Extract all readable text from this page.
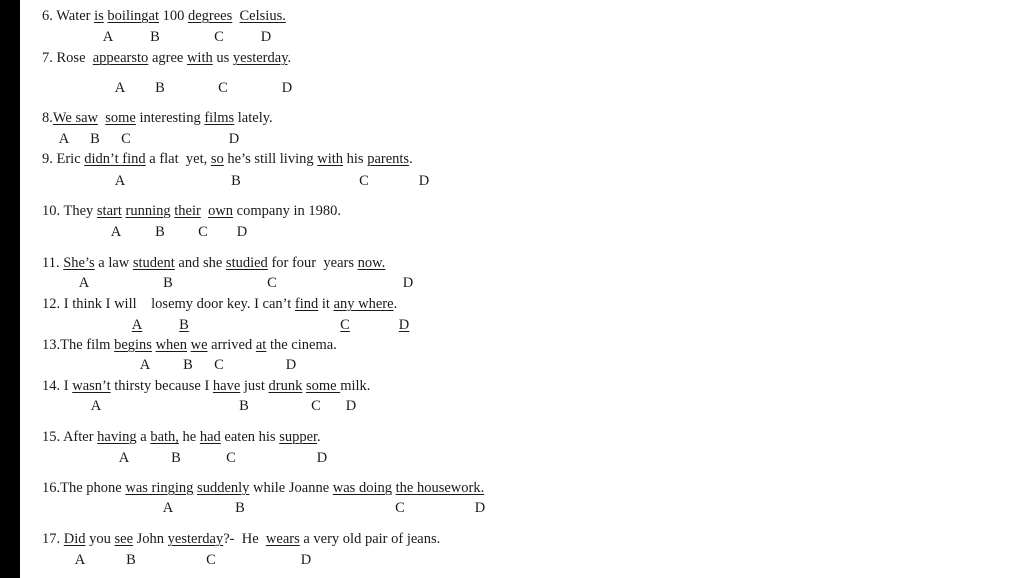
6. Water is boilingat 100 degrees Celsius.
A	B	C	D
7. Rose  appearsto agree with us yesterday.
A B	C	D
8.We saw some interesting films lately.
A B C	D
9. Eric didn’t find a flat  yet, so he’s still living with his parents.
A	B	C	D
10. They start running their own company in 1980.
A B C D
11. She’s a law student and she studied for four  years now.
A	B	C	D
12. I think I will    losemy door key. I can’t find it any where.
A	B	C	D
13.The film begins when we arrived at the cinema.
A B C	D
14. I wasn’t thirsty because I have just drunk some milk.
A	B	C D
15. After having a bath, he had eaten his supper.
A	B	C	D
16.The phone was ringing suddenly while Joanne was doing the housework.
A	B	C	D
17. Did you see John yesterday?-  He  wears a very old pair of jeans.
A	B	C	D
